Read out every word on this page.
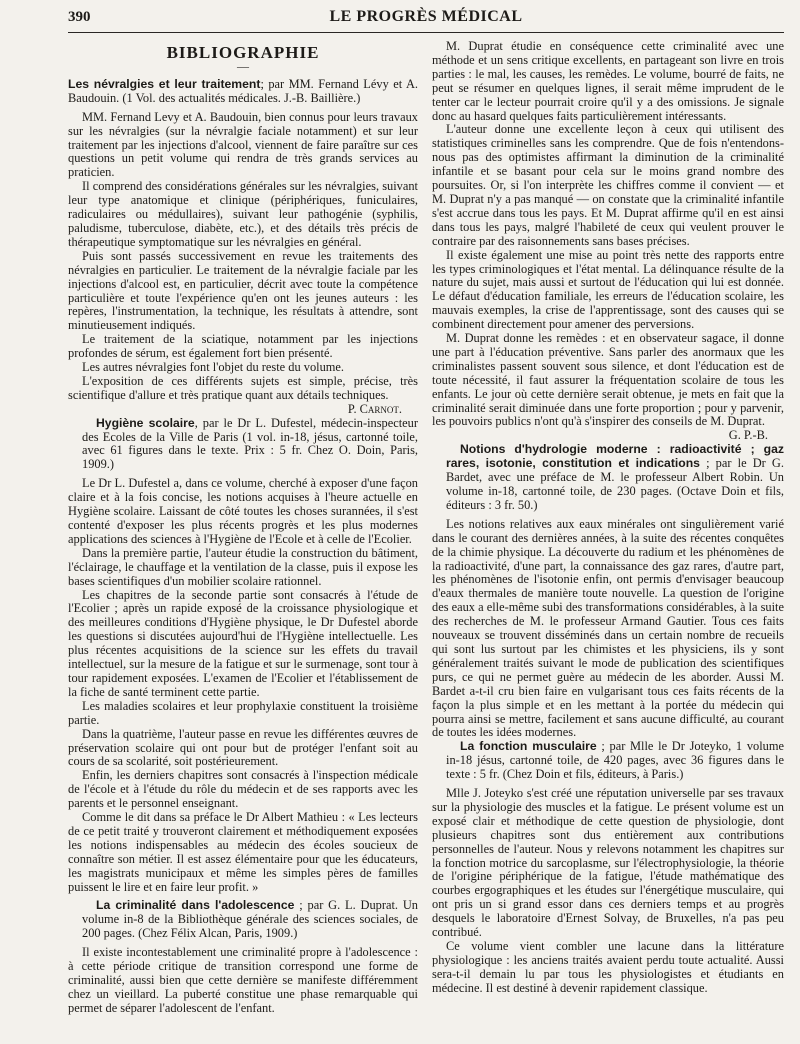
390	LE PROGRÈS MÉDICAL
BIBLIOGRAPHIE
—

Les névralgies et leur traitement; par MM. Fernand Lévy et A. Baudouin. (1 Vol. des actualités médicales. J.-B. Baillière.)

MM. Fernand Levy et A. Baudouin, bien connus pour leurs travaux sur les névralgies (sur la névralgie faciale notamment) et sur leur traitement par les injections d'alcool, viennent de faire paraître sur ces questions un petit volume qui rendra de très grands services au praticien.

Il comprend des considérations générales sur les névralgies, suivant leur type anatomique et clinique (périphériques, funiculaires, radiculaires ou médullaires), suivant leur pathogénie (syphilis, paludisme, tuberculose, diabète, etc.), et des détails très précis de thérapeutique symptomatique sur les névralgies en général.

Puis sont passés successivement en revue les traitements des névralgies en particulier. Le traitement de la névralgie faciale par les injections d'alcool est, en particulier, décrit avec toute la compétence particulière et toute l'expérience qu'en ont les jeunes auteurs : les repères, l'instrumentation, la technique, les résultats à attendre, sont minutieusement indiqués.

Le traitement de la sciatique, notamment par les injections profondes de sérum, est également fort bien présenté.

Les autres névralgies font l'objet du reste du volume.

L'exposition de ces différents sujets est simple, précise, très scientifique d'allure et très pratique quant aux détails techniques.

P. Carnot.

Hygiène scolaire, par le Dr L. Dufestel, médecin-inspecteur des Ecoles de la Ville de Paris (1 vol. in-18, jésus, cartonné toile, avec 61 figures dans le texte. Prix : 5 fr. Chez O. Doin, Paris, 1909.)

Le Dr L. Dufestel a, dans ce volume, cherché à exposer d'une façon claire et à la fois concise, les notions acquises à l'heure actuelle en Hygiène scolaire. Laissant de côté toutes les choses surannées, il s'est contenté d'exposer les plus récents progrès et les plus modernes applications des sciences à l'Hygiène de l'Ecole et à celle de l'Ecolier.

Dans la première partie, l'auteur étudie la construction du bâtiment, l'éclairage, le chauffage et la ventilation de la classe, puis il expose les bases scientifiques d'un mobilier scolaire rationnel.

Les chapitres de la seconde partie sont consacrés à l'étude de l'Ecolier ; après un rapide exposé de la croissance physiologique et des meilleures conditions d'Hygiène physique, le Dr Dufestel aborde les questions si discutées aujourd'hui de l'Hygiène intellectuelle. Les plus récentes acquisitions de la science sur les effets du travail intellectuel, sur la mesure de la fatigue et sur le surmenage, sont tour à tour rapidement exposées. L'examen de l'Ecolier et l'établissement de la fiche de santé terminent cette partie.

Les maladies scolaires et leur prophylaxie constituent la troisième partie.

Dans la quatrième, l'auteur passe en revue les différentes œuvres de préservation scolaire qui ont pour but de protéger l'enfant soit au cours de sa scolarité, soit postérieurement.

Enfin, les derniers chapitres sont consacrés à l'inspection médicale de l'école et à l'étude du rôle du médecin et de ses rapports avec les parents et le personnel enseignant.

Comme le dit dans sa préface le Dr Albert Mathieu : « Les lecteurs de ce petit traité y trouveront clairement et méthodiquement exposées les notions indispensables au médecin des écoles soucieux de connaître son métier. Il est assez élémentaire pour que les éducateurs, les magistrats municipaux et même les simples pères de familles puissent le lire et en faire leur profit. »

La criminalité dans l'adolescence ; par G. L. Duprat. Un volume in-8 de la Bibliothèque générale des sciences sociales, de 200 pages. (Chez Félix Alcan, Paris, 1909.)

Il existe incontestablement une criminalité propre à l'adolescence : à cette période critique de transition correspond une forme de criminalité, aussi bien que cette dernière se manifeste différemment chez un vieillard. La puberté constitue une phase remarquable qui permet de séparer l'adolescent de l'enfant.

M. Duprat étudie en conséquence cette criminalité avec une méthode et un sens critique excellents, en partageant son livre en trois parties : le mal, les causes, les remèdes. Le volume, bourré de faits, ne peut se résumer en quelques lignes, il serait même imprudent de le tenter car le lecteur pourrait croire qu'il y a des omissions. Je signale donc au hasard quelques faits particulièrement intéressants.

L'auteur donne une excellente leçon à ceux qui utilisent des statistiques criminelles sans les comprendre. Que de fois n'entendons-nous pas des optimistes affirmant la diminution de la criminalité infantile et se basant pour cela sur le moins grand nombre des poursuites. Or, si l'on interprète les chiffres comme il convient — et M. Duprat n'y a pas manqué — on constate que la criminalité infantile s'est accrue dans tous les pays. Et M. Duprat affirme qu'il en est ainsi dans tous les pays, malgré l'habileté de ceux qui veulent prouver le contraire par des raisonnements sans bases précises.

Il existe également une mise au point très nette des rapports entre les types criminologiques et l'état mental. La délinquance résulte de la nature du sujet, mais aussi et surtout de l'éducation qui lui est donnée. Le défaut d'éducation familiale, les erreurs de l'éducation scolaire, les mauvais exemples, la crise de l'apprentissage, sont des causes qui se combinent directement pour amener des perversions.

M. Duprat donne les remèdes : et en observateur sagace, il donne une part à l'éducation préventive. Sans parler des anormaux que les criminalistes passent souvent sous silence, et dont l'éducation est de toute nécessité, il faut assurer la fréquentation scolaire de tous les enfants. Le jour où cette dernière serait obtenue, je mets en fait que la criminalité serait diminuée dans une forte proportion ; pour y parvenir, les pouvoirs publics n'ont qu'à s'inspirer des conseils de M. Duprat.

G. P.-B.

Notions d'hydrologie moderne : radioactivité ; gaz rares, isotonie, constitution et indications ; par le Dr G. Bardet, avec une préface de M. le professeur Albert Robin. Un volume in-18, cartonné toile, de 230 pages. (Octave Doin et fils, éditeurs : 3 fr. 50.)

Les notions relatives aux eaux minérales ont singulièrement varié dans le courant des dernières années, à la suite des récentes conquêtes de la chimie physique. La découverte du radium et les phénomènes de la radioactivité, d'une part, la connaissance des gaz rares, d'autre part, les phénomènes de l'isotonie enfin, ont permis d'envisager beaucoup d'eaux thermales de manière toute nouvelle. La question de l'origine des eaux a elle-même subi des transformations considérables, à la suite des recherches de M. le professeur Armand Gautier. Tous ces faits nouveaux se trouvent disséminés dans un certain nombre de recueils qui sont lus surtout par les chimistes et les physiciens, ils y sont généralement traités suivant le mode de publication des scientifiques purs, ce qui ne permet guère au médecin de les aborder. Aussi M. Bardet a-t-il cru bien faire en vulgarisant tous ces faits récents de la façon la plus simple et en les mettant à la portée du médecin qui pourra ainsi se mettre, facilement et sans aucune difficulté, au courant de toutes les idées modernes.

La fonction musculaire ; par Mlle le Dr Joteyko, 1 volume in-18 jésus, cartonné toile, de 420 pages, avec 36 figures dans le texte : 5 fr. (Chez Doin et fils, éditeurs, à Paris.)

Mlle J. Joteyko s'est créé une réputation universelle par ses travaux sur la physiologie des muscles et la fatigue. Le présent volume est un exposé clair et méthodique de cette question de physiologie, dont plusieurs chapitres sont dus entièrement aux contributions personnelles de l'auteur. Nous y relevons notamment les chapitres sur la fonction motrice du sarcoplasme, sur l'électrophysiologie, la théorie de l'origine périphérique de la fatigue, l'étude mathématique des courbes ergographiques et les études sur l'énergétique musculaire, qui ont pris un si grand essor dans ces derniers temps et au progrès desquels le laboratoire d'Ernest Solvay, de Bruxelles, n'a pas peu contribué.

Ce volume vient combler une lacune dans la littérature physiologique : les anciens traités avaient perdu toute actualité. Aussi sera-t-il demain lu par tous les physiologistes et étudiants en médecine. Il est destiné à devenir rapidement classique.
